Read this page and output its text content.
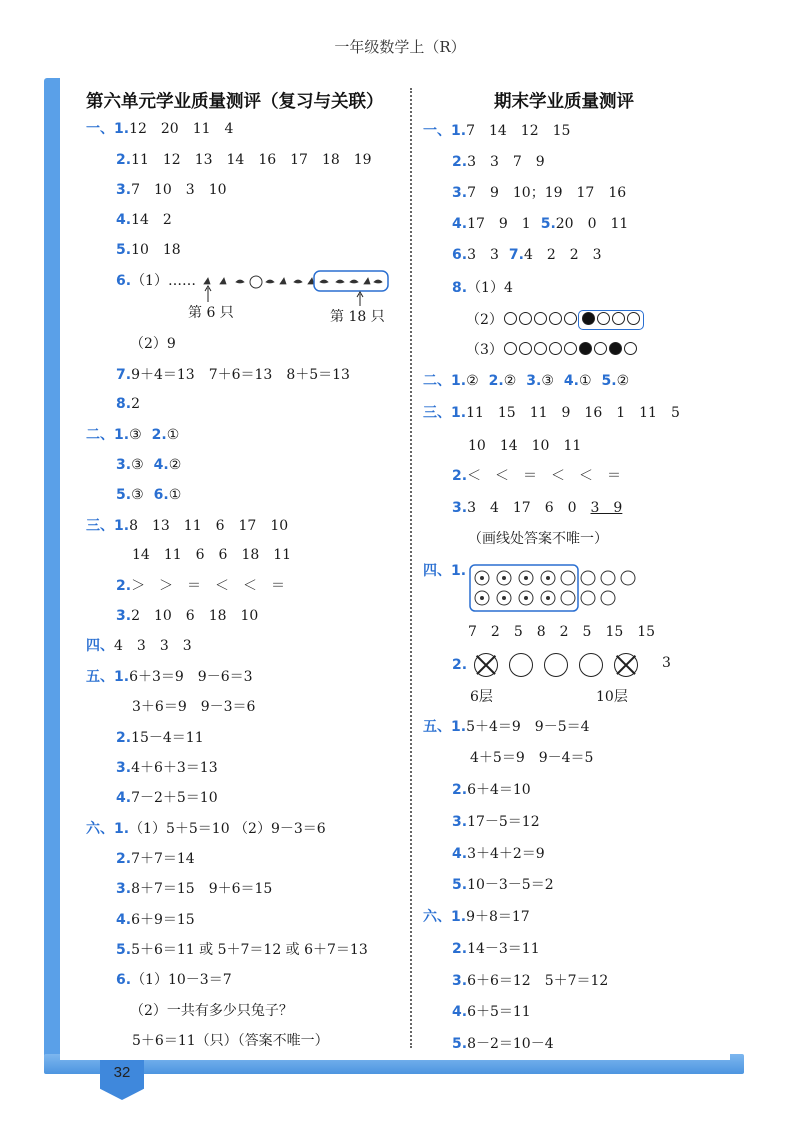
一年级数学上（R）
32
第六单元学业质量测评（复习与关联）
一、1.12　20　11　4
2.11　12　13　14　16　17　18　19
3.7　10　3　10
4.14　2
5.10　18
6.（1）……
第 6 只	第 18 只
（2）9
7.9＋4＝13　7＋6＝13　8＋5＝13
8.2
二、1.③ 2.①
3.③ 4.②
5.③ 6.①
三、1.8　13　11　6　17　10
14　11　6　6　18　11
2.＞　＞　＝　＜　＜　＝
3.2　10　6　18　10
四、4　3　3　3
五、1.6＋3＝9　9－6＝3
3＋6＝9　9－3＝6
2.15－4＝11
3.4＋6＋3＝13
4.7－2＋5＝10
六、1.（1）5＋5＝10 （2）9－3＝6
2.7＋7＝14
3.8＋7＝15　9＋6＝15
4.6＋9＝15
5.5＋6＝11 或 5＋7＝12 或 6＋7＝13
6.（1）10－3＝7
（2）一共有多少只兔子？
5＋6＝11（只）（答案不唯一）
期末学业质量测评
一、1.7　14　12　15
2.3　3　7　9
3.7　9　10；19　17　16
4.17　9　1 5.20　0　11
6.3　3 7.4　2　2　3
8.（1）4
（2）
（3）
二、1.② 2.② 3.③ 4.① 5.②
三、1.11　15　11　9　16　1　11　5
10　14　10　11
2.＜　＜　＝　＜　＜　＝
3.3　4　17　6　0　 3　9
（画线处答案不唯一）
四、1.
7　2　5　8　2　5　15　15
2.
	3
6层	10层
五、1.5＋4＝9　9－5＝4
4＋5＝9　9－4＝5
2.6＋4＝10
3.17－5＝12
4.3＋4＋2＝9
5.10－3－5＝2
六、1.9＋8＝17
2.14－3＝11
3.6＋6＝12　5＋7＝12
4.6＋5＝11
5.8－2＝10－4
